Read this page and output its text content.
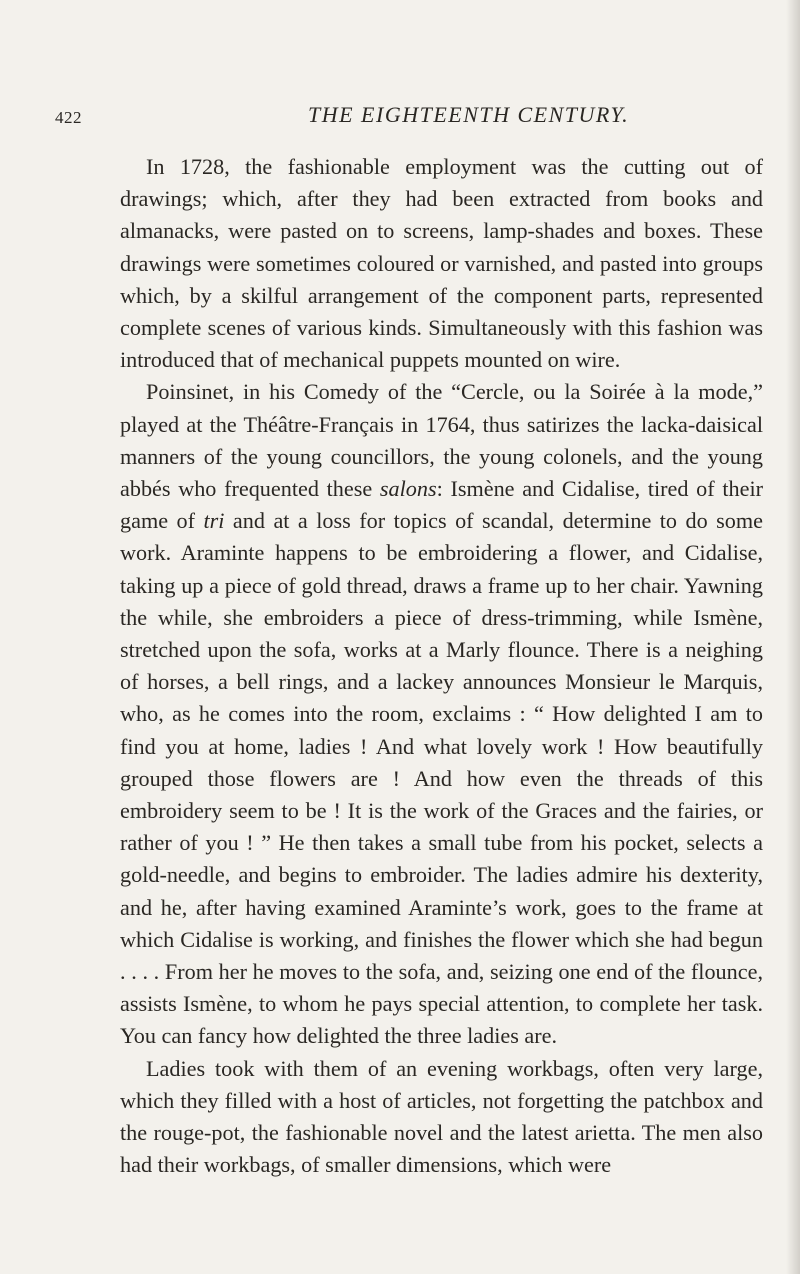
422	THE EIGHTEENTH CENTURY.

In 1728, the fashionable employment was the cutting out of drawings; which, after they had been extracted from books and almanacks, were pasted on to screens, lamp-shades and boxes. These drawings were sometimes coloured or varnished, and pasted into groups which, by a skilful arrangement of the component parts, represented complete scenes of various kinds. Simultaneously with this fashion was introduced that of mechanical puppets mounted on wire.

Poinsinet, in his Comedy of the “Cercle, ou la Soirée à la mode,” played at the Théâtre-Français in 1764, thus satirizes the lacka-daisical manners of the young councillors, the young colonels, and the young abbés who frequented these salons: Ismène and Cidalise, tired of their game of tri and at a loss for topics of scandal, determine to do some work. Araminte happens to be embroidering a flower, and Cidalise, taking up a piece of gold thread, draws a frame up to her chair. Yawning the while, she embroiders a piece of dress-trimming, while Ismène, stretched upon the sofa, works at a Marly flounce. There is a neighing of horses, a bell rings, and a lackey announces Monsieur le Marquis, who, as he comes into the room, exclaims : “ How delighted I am to find you at home, ladies ! And what lovely work ! How beautifully grouped those flowers are ! And how even the threads of this embroidery seem to be ! It is the work of the Graces and the fairies, or rather of you ! ” He then takes a small tube from his pocket, selects a gold-needle, and begins to embroider. The ladies admire his dexterity, and he, after having examined Araminte’s work, goes to the frame at which Cidalise is working, and finishes the flower which she had begun . . . . From her he moves to the sofa, and, seizing one end of the flounce, assists Ismène, to whom he pays special attention, to complete her task. You can fancy how delighted the three ladies are.

Ladies took with them of an evening workbags, often very large, which they filled with a host of articles, not forgetting the patchbox and the rouge-pot, the fashionable novel and the latest arietta. The men also had their workbags, of smaller dimensions, which were
